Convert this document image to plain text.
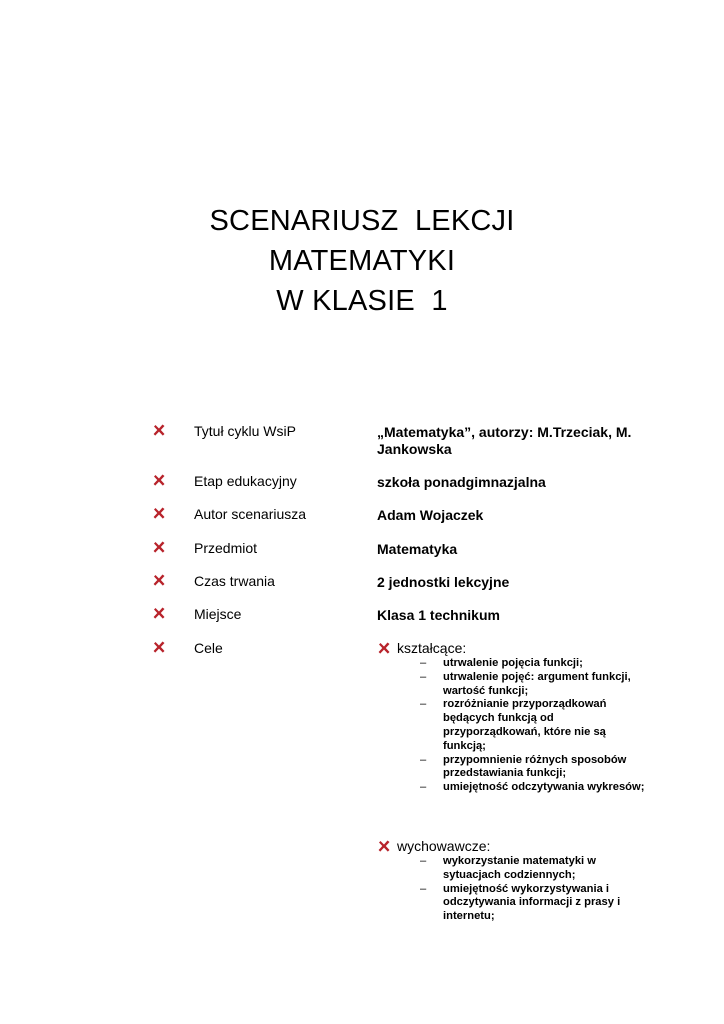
SCENARIUSZ  LEKCJI
MATEMATYKI
W KLASIE  1
Tytuł cyklu WsiP	„Matematyka”, autorzy: M.Trzeciak, M. Jankowska
Etap edukacyjny	szkoła ponadgimnazjalna
Autor scenariusza	Adam Wojaczek
Przedmiot	Matematyka
Czas trwania	2 jednostki lekcyjne
Miejsce	Klasa 1 technikum
Cele	kształcące:
– utrwalenie pojęcia funkcji;
– utrwalenie pojęć: argument funkcji, wartość funkcji;
– rozróżnianie przyporządkowań będących funkcją od przyporządkowań, które nie są funkcją;
– przypomnienie różnych sposobów przedstawiania funkcji;
– umiejętność odczytywania wykresów;
wychowawcze:
– wykorzystanie matematyki w sytuacjach codziennych;
– umiejętność wykorzystywania i odczytywania informacji z prasy i internetu;
